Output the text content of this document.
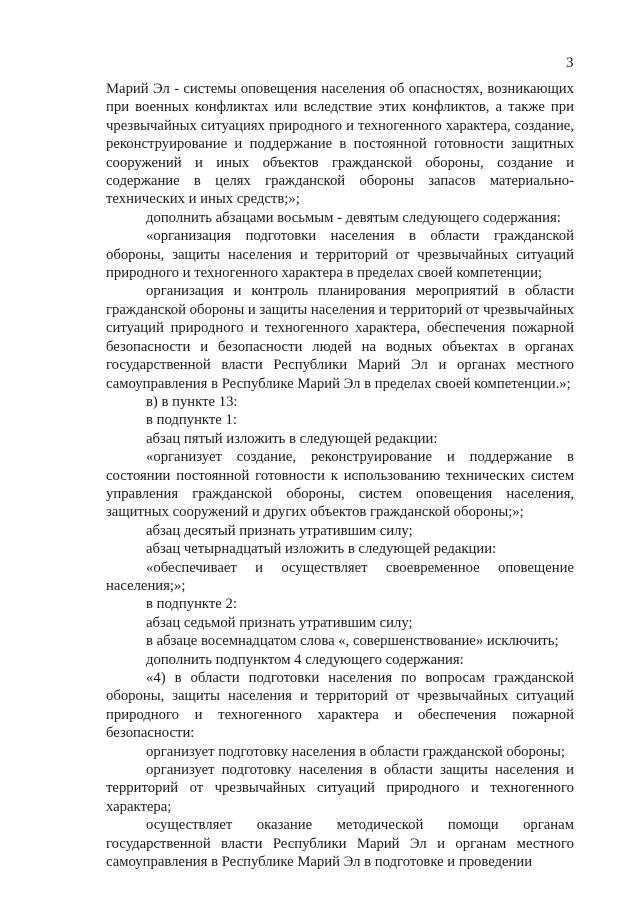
3

Марий Эл - системы оповещения населения об опасностях, возникающих при военных конфликтах или вследствие этих конфликтов, а также при чрезвычайных ситуациях природного и техногенного характера, создание, реконструирование и поддержание в постоянной готовности защитных сооружений и иных объектов гражданской обороны, создание и содержание в целях гражданской обороны запасов материально-технических и иных средств;»;

дополнить абзацами восьмым - девятым следующего содержания:

«организация подготовки населения в области гражданской обороны, защиты населения и территорий от чрезвычайных ситуаций природного и техногенного характера в пределах своей компетенции;

организация и контроль планирования мероприятий в области гражданской обороны и защиты населения и территорий от чрезвычайных ситуаций природного и техногенного характера, обеспечения пожарной безопасности и безопасности людей на водных объектах в органах государственной власти Республики Марий Эл и органах местного самоуправления в Республике Марий Эл в пределах своей компетенции.»;

в) в пункте 13:

в подпункте 1:

абзац пятый изложить в следующей редакции:

«организует создание, реконструирование и поддержание в состоянии постоянной готовности к использованию технических систем управления гражданской обороны, систем оповещения населения, защитных сооружений и других объектов гражданской обороны;»;

абзац десятый признать утратившим силу;

абзац четырнадцатый изложить в следующей редакции:

«обеспечивает и осуществляет своевременное оповещение населения;»;

в подпункте 2:

абзац седьмой признать утратившим силу;

в абзаце восемнадцатом слова «, совершенствование» исключить;

дополнить подпунктом 4 следующего содержания:

«4) в области подготовки населения по вопросам гражданской обороны, защиты населения и территорий от чрезвычайных ситуаций природного и техногенного характера и обеспечения пожарной безопасности:

организует подготовку населения в области гражданской обороны;

организует подготовку населения в области защиты населения и территорий от чрезвычайных ситуаций природного и техногенного характера;

осуществляет оказание методической помощи органам государственной власти Республики Марий Эл и органам местного самоуправления в Республике Марий Эл в подготовке и проведении
